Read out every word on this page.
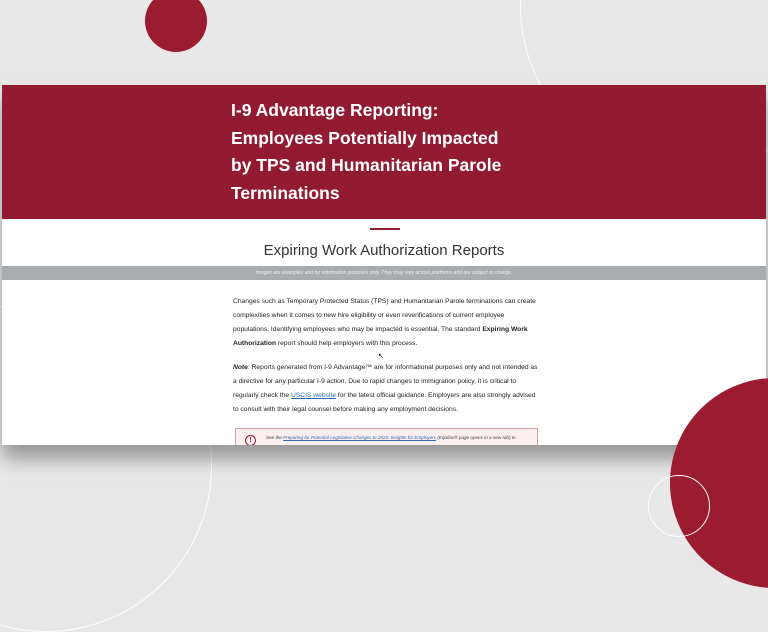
I-9 Advantage Reporting:
Employees Potentially Impacted
by TPS and Humanitarian Parole
Terminations
Expiring Work Authorization Reports
Images are examples and for information purposes only. They may vary across platforms and are subject to change.

Changes such as Temporary Protected Status (TPS) and Humanitarian Parole terminations can create complexities when it comes to new hire eligibility or even reverifications of current employee populations. Identifying employees who may be impacted is essential. The standard Expiring Work Authorization report should help employers with this process.

↖

Note: Reports generated from I-9 Advantage™ are for informational purposes only and not intended as a directive for any particular I-9 action. Due to rapid changes to immigration policy, it is critical to regularly check the USCIS website for the latest official guidance. Employers are also strongly advised to consult with their legal counsel before making any employment decisions.

!	See the Preparing for Potential Legislative Changes to 2025: Insights for Employers (Equifax® page opens in a new tab) to
